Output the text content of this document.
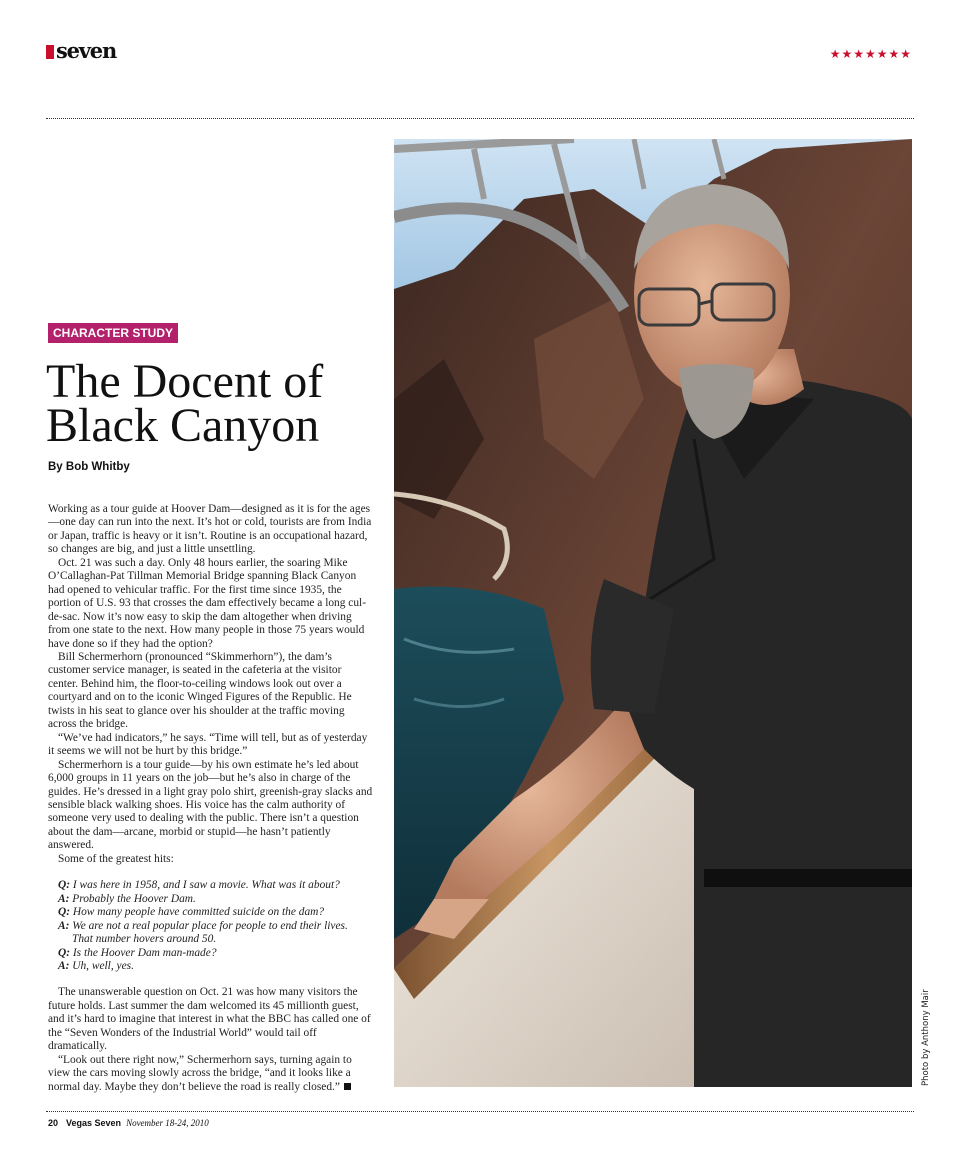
seven	★★★★★★★
CHARACTER STUDY
The Docent of Black Canyon
By Bob Whitby

Working as a tour guide at Hoover Dam—designed as it is for the ages—one day can run into the next. It’s hot or cold, tourists are from India or Japan, traffic is heavy or it isn’t. Routine is an occupational hazard, so changes are big, and just a little unsettling.

Oct. 21 was such a day. Only 48 hours earlier, the soaring Mike O’Callaghan-Pat Tillman Memorial Bridge spanning Black Canyon had opened to vehicular traffic. For the first time since 1935, the portion of U.S. 93 that crosses the dam effectively became a long cul-de-sac. Now it’s now easy to skip the dam altogether when driving from one state to the next. How many people in those 75 years would have done so if they had the option?

Bill Schermerhorn (pronounced “Skimmerhorn”), the dam’s customer service manager, is seated in the cafeteria at the visitor center. Behind him, the floor-to-ceiling windows look out over a courtyard and on to the iconic Winged Figures of the Republic. He twists in his seat to glance over his shoulder at the traffic moving across the bridge.

“We’ve had indicators,” he says. “Time will tell, but as of yesterday it seems we will not be hurt by this bridge.”

Schermerhorn is a tour guide—by his own estimate he’s led about 6,000 groups in 11 years on the job—but he’s also in charge of the guides. He’s dressed in a light gray polo shirt, greenish-gray slacks and sensible black walking shoes. His voice has the calm authority of someone very used to dealing with the public. There isn’t a question about the dam—arcane, morbid or stupid—he hasn’t patiently answered.

Some of the greatest hits:

Q: I was here in 1958, and I saw a movie. What was it about?
A: Probably the Hoover Dam.
Q: How many people have committed suicide on the dam?
A: We are not a real popular place for people to end their lives.
That number hovers around 50.
Q: Is the Hoover Dam man-made?
A: Uh, well, yes.

The unanswerable question on Oct. 21 was how many visitors the future holds. Last summer the dam welcomed its 45 millionth guest, and it’s hard to imagine that interest in what the BBC has called one of the “Seven Wonders of the Industrial World” would tail off dramatically.

“Look out there right now,” Schermerhorn says, turning again to view the cars moving slowly across the bridge, “and it looks like a normal day. Maybe they don’t believe the road is really closed.”

Photo by Anthony Mair
20 Vegas Seven November 18-24, 2010
